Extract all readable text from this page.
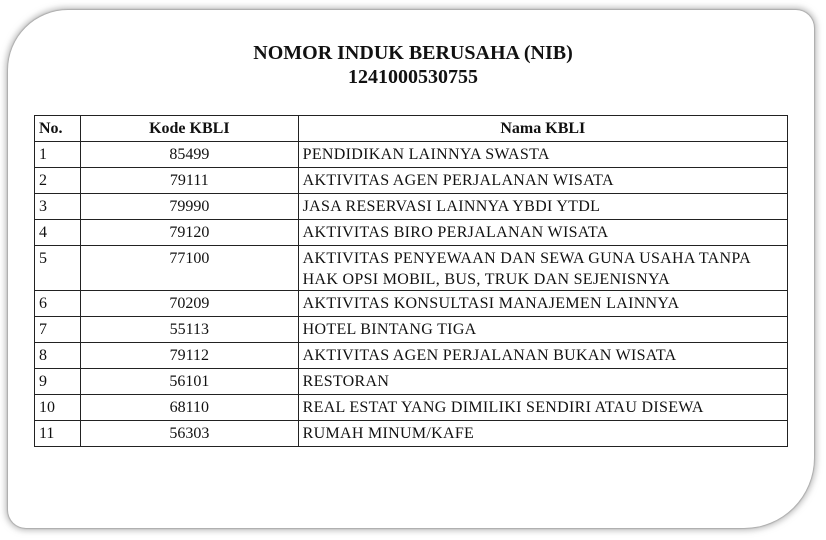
NOMOR INDUK BERUSAHA (NIB)
1241000530755
No.	Kode KBLI	Nama KBLI
1	85499	PENDIDIKAN LAINNYA SWASTA
2	79111	AKTIVITAS AGEN PERJALANAN WISATA
3	79990	JASA RESERVASI LAINNYA YBDI YTDL
4	79120	AKTIVITAS BIRO PERJALANAN WISATA
5	77100	AKTIVITAS PENYEWAAN DAN SEWA GUNA USAHA TANPA HAK OPSI MOBIL, BUS, TRUK DAN SEJENISNYA
6	70209	AKTIVITAS KONSULTASI MANAJEMEN LAINNYA
7	55113	HOTEL BINTANG TIGA
8	79112	AKTIVITAS AGEN PERJALANAN BUKAN WISATA
9	56101	RESTORAN
10	68110	REAL ESTAT YANG DIMILIKI SENDIRI ATAU DISEWA
11	56303	RUMAH MINUM/KAFE
